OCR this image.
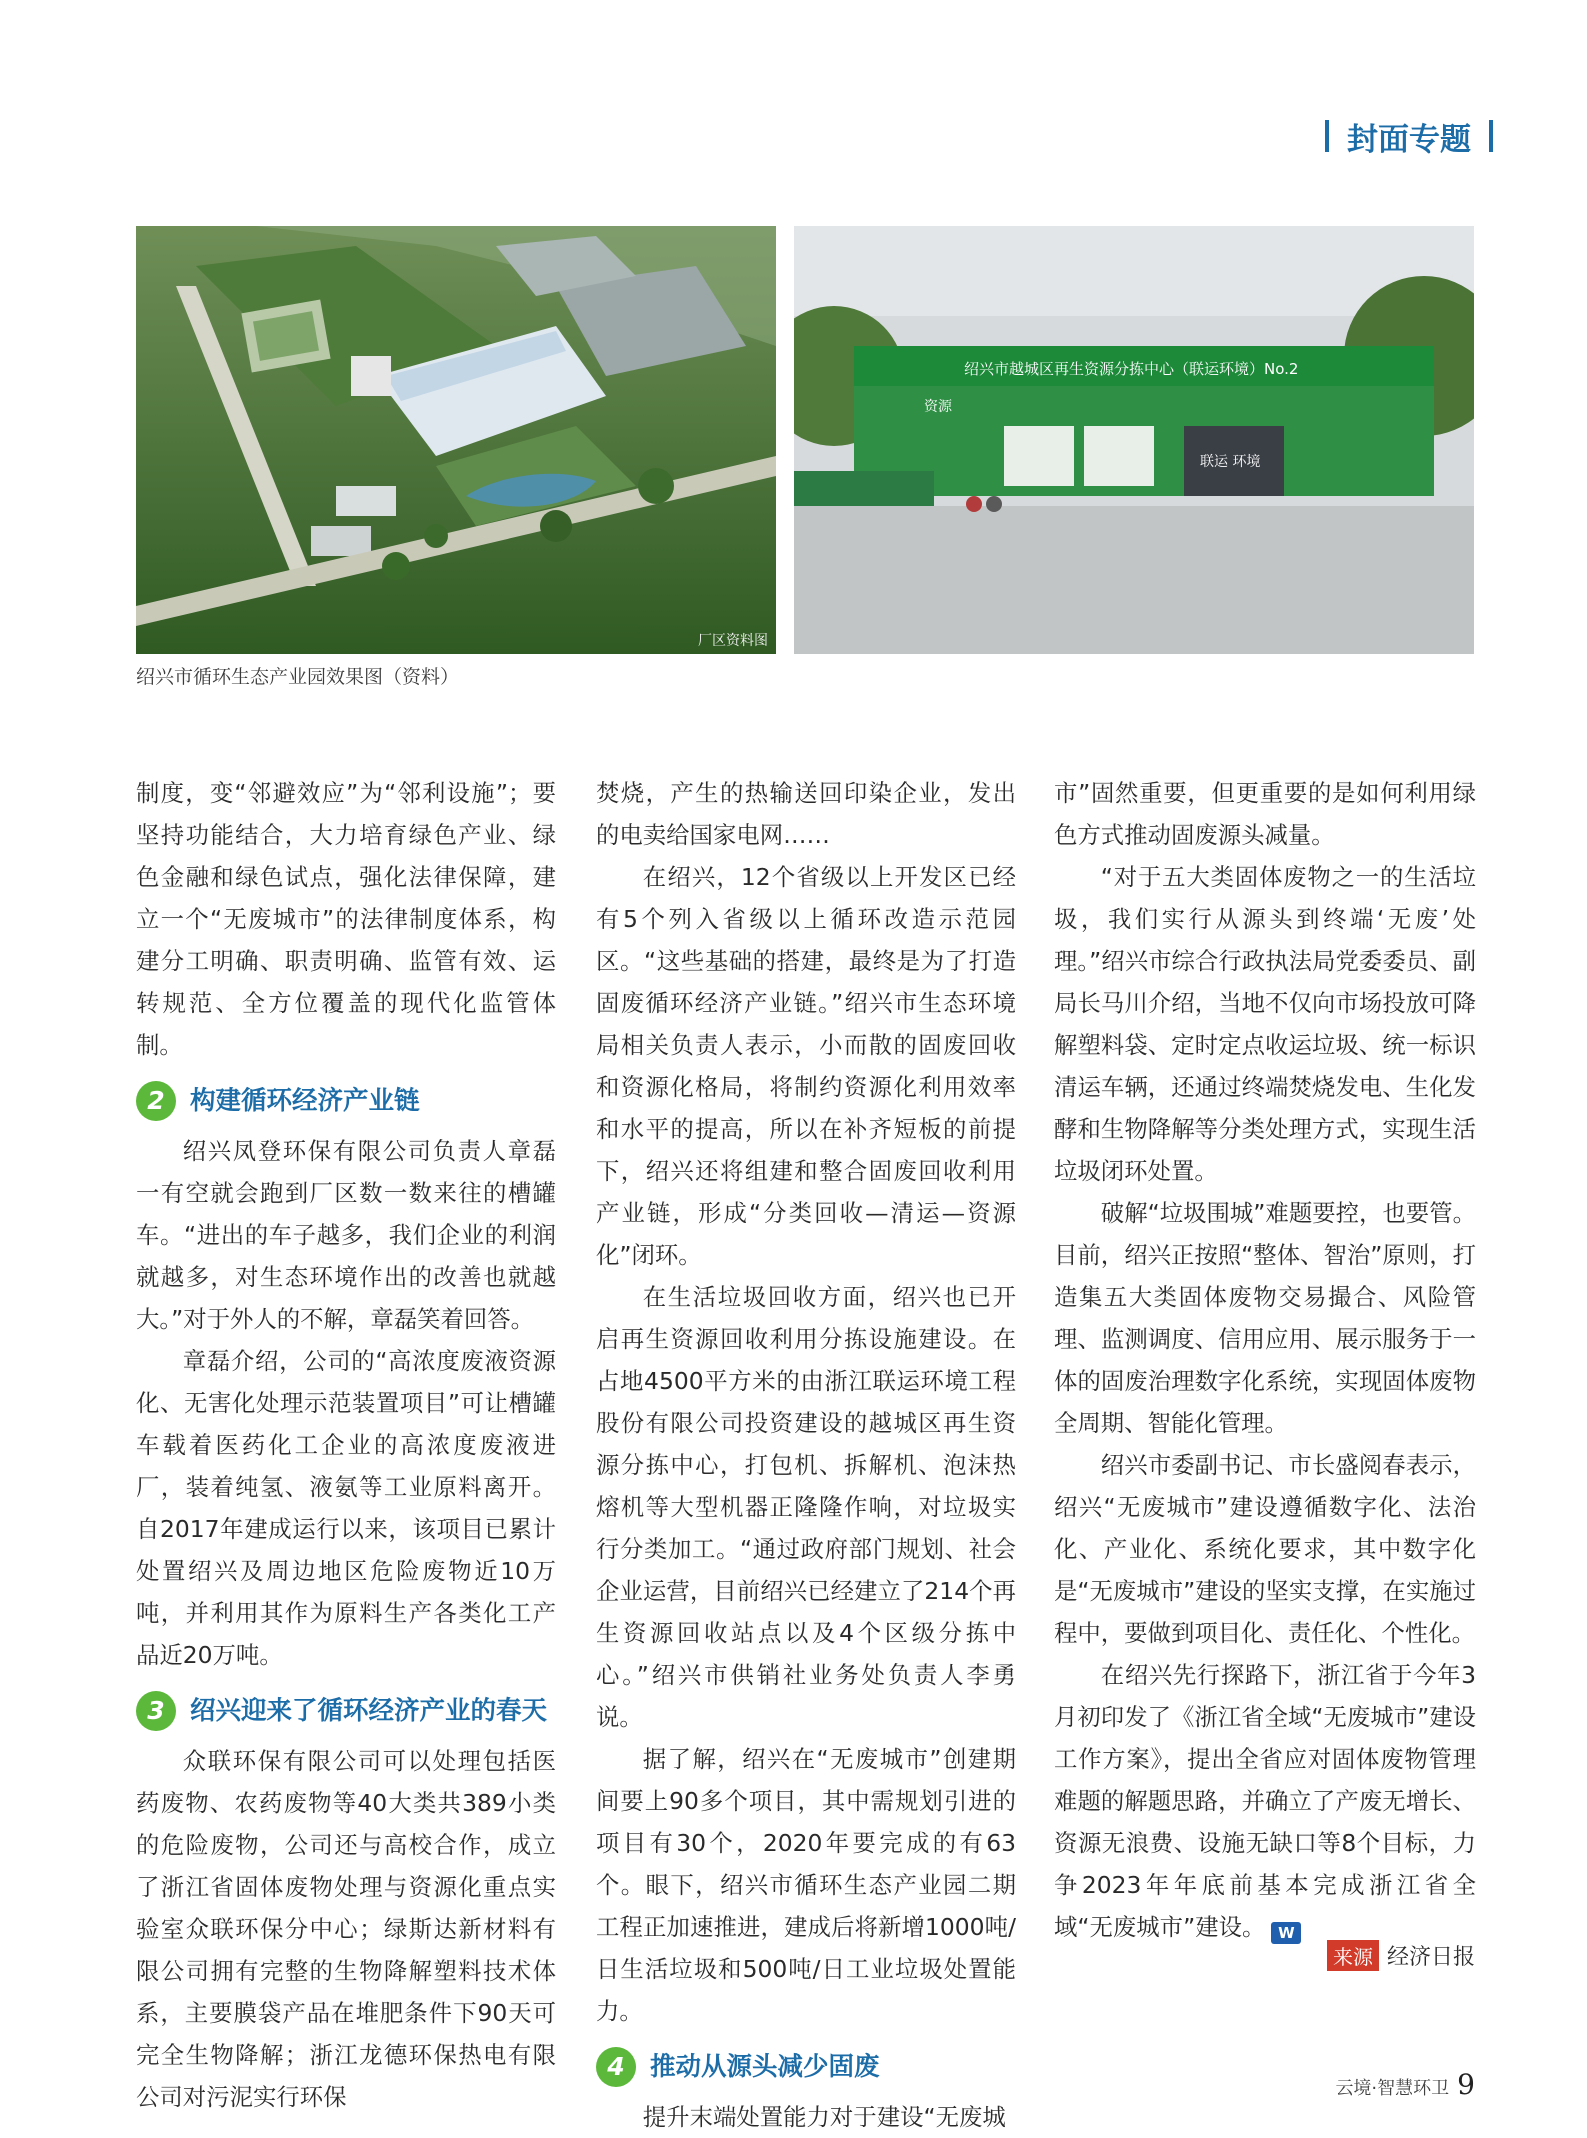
封面专题
厂区资料图
绍兴市越城区再生资源分拣中心（联运环境）No.2
联运 环境
资源
绍兴市循环生态产业园效果图（资料）

制度，变“邻避效应”为“邻利设施”；要坚持功能结合，大力培育绿色产业、绿色金融和绿色试点，强化法律保障，建立一个“无废城市”的法律制度体系，构建分工明确、职责明确、监管有效、运转规范、全方位覆盖的现代化监管体制。

2 构建循环经济产业链

绍兴凤登环保有限公司负责人章磊一有空就会跑到厂区数一数来往的槽罐车。“进出的车子越多，我们企业的利润就越多，对生态环境作出的改善也就越大。”对于外人的不解，章磊笑着回答。

章磊介绍，公司的“高浓度废液资源化、无害化处理示范装置项目”可让槽罐车载着医药化工企业的高浓度废液进厂，装着纯氢、液氨等工业原料离开。自2017年建成运行以来，该项目已累计处置绍兴及周边地区危险废物近10万吨，并利用其作为原料生产各类化工产品近20万吨。

3 绍兴迎来了循环经济产业的春天

众联环保有限公司可以处理包括医药废物、农药废物等40大类共389小类的危险废物，公司还与高校合作，成立了浙江省固体废物处理与资源化重点实验室众联环保分中心；绿斯达新材料有限公司拥有完整的生物降解塑料技术体系，主要膜袋产品在堆肥条件下90天可完全生物降解；浙江龙德环保热电有限公司对污泥实行环保

焚烧，产生的热输送回印染企业，发出的电卖给国家电网……

在绍兴，12个省级以上开发区已经有5个列入省级以上循环改造示范园区。“这些基础的搭建，最终是为了打造固废循环经济产业链。”绍兴市生态环境局相关负责人表示，小而散的固废回收和资源化格局，将制约资源化利用效率和水平的提高，所以在补齐短板的前提下，绍兴还将组建和整合固废回收利用产业链，形成“分类回收—清运—资源化”闭环。

在生活垃圾回收方面，绍兴也已开启再生资源回收利用分拣设施建设。在占地4500平方米的由浙江联运环境工程股份有限公司投资建设的越城区再生资源分拣中心，打包机、拆解机、泡沫热熔机等大型机器正隆隆作响，对垃圾实行分类加工。“通过政府部门规划、社会企业运营，目前绍兴已经建立了214个再生资源回收站点以及4个区级分拣中心。”绍兴市供销社业务处负责人李勇说。

据了解，绍兴在“无废城市”创建期间要上90多个项目，其中需规划引进的项目有30个，2020年要完成的有63个。眼下，绍兴市循环生态产业园二期工程正加速推进，建成后将新增1000吨/日生活垃圾和500吨/日工业垃圾处置能力。

4 推动从源头减少固废

提升末端处置能力对于建设“无废城

市”固然重要，但更重要的是如何利用绿色方式推动固废源头减量。

“对于五大类固体废物之一的生活垃圾，我们实行从源头到终端‘无废’处理。”绍兴市综合行政执法局党委委员、副局长马川介绍，当地不仅向市场投放可降解塑料袋、定时定点收运垃圾、统一标识清运车辆，还通过终端焚烧发电、生化发酵和生物降解等分类处理方式，实现生活垃圾闭环处置。

破解“垃圾围城”难题要控，也要管。目前，绍兴正按照“整体、智治”原则，打造集五大类固体废物交易撮合、风险管理、监测调度、信用应用、展示服务于一体的固废治理数字化系统，实现固体废物全周期、智能化管理。

绍兴市委副书记、市长盛阅春表示，绍兴“无废城市”建设遵循数字化、法治化、产业化、系统化要求，其中数字化是“无废城市”建设的坚实支撑，在实施过程中，要做到项目化、责任化、个性化。

在绍兴先行探路下，浙江省于今年3月初印发了《浙江省全域“无废城市”建设工作方案》，提出全省应对固体废物管理难题的解题思路，并确立了产废无增长、资源无浪费、设施无缺口等8个目标，力争2023年年底前基本完成浙江省全域“无废城市”建设。 W

来源 经济日报
云境·智慧环卫 9
